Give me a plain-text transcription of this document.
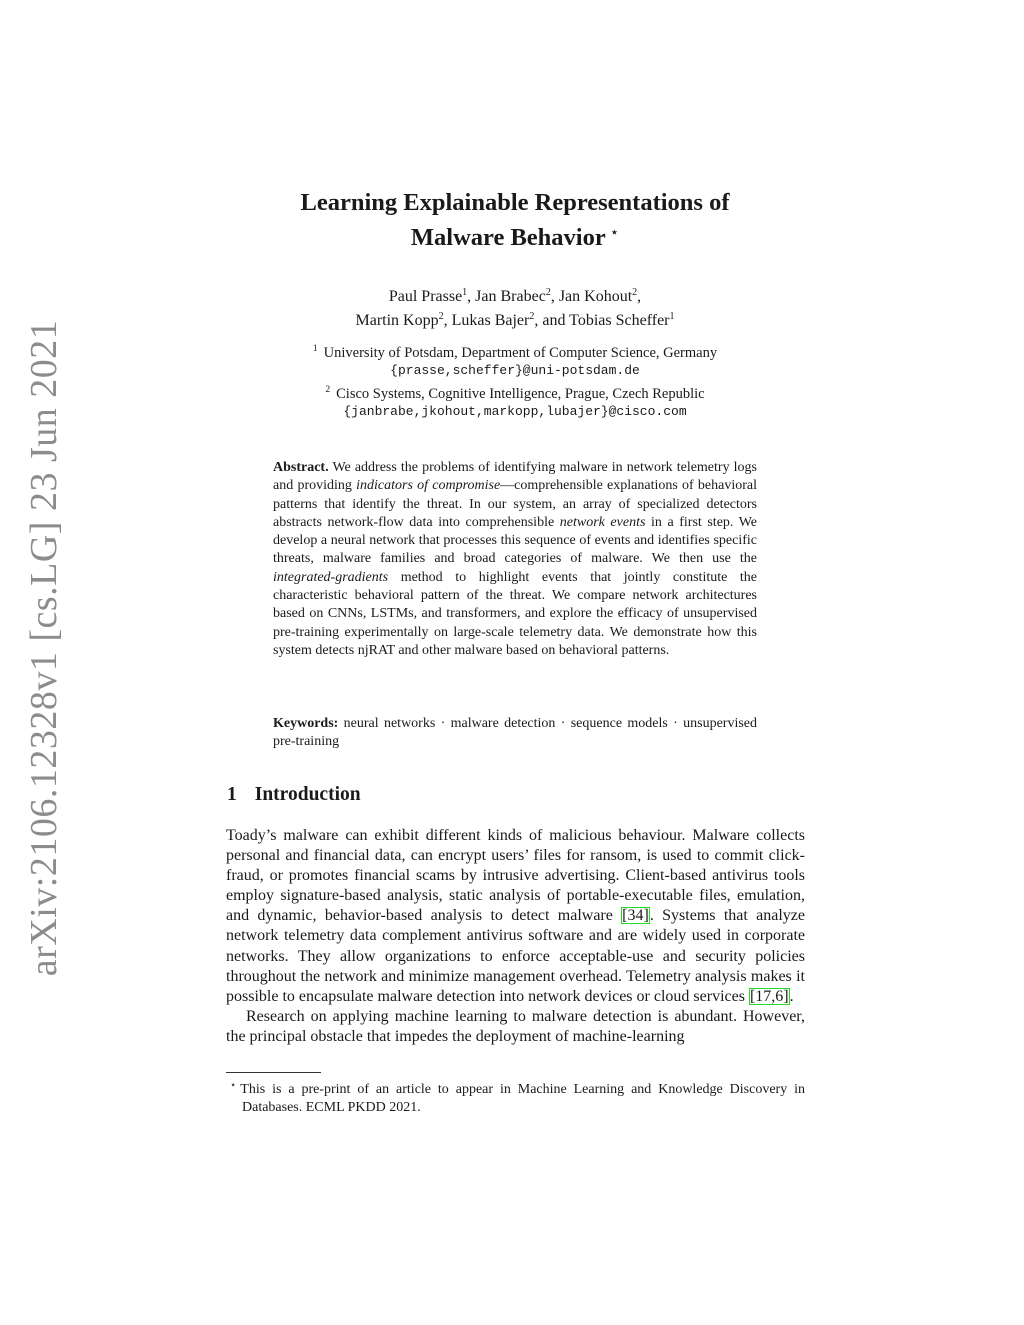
arXiv:2106.12328v1 [cs.LG] 23 Jun 2021
Learning Explainable Representations of
Malware Behavior ⋆
Paul Prasse$^1$, Jan Brabec$^2$, Jan Kohout$^2$,
Martin Kopp$^2$, Lukas Bajer$^2$, and Tobias Scheffer$^1$
$^1$ University of Potsdam, Department of Computer Science, Germany
{prasse,scheffer}@uni-potsdam.de
$^2$ Cisco Systems, Cognitive Intelligence, Prague, Czech Republic
{janbrabe,jkohout,markopp,lubajer}@cisco.com
Abstract. We address the problems of identifying malware in network telemetry logs and providing indicators of compromise—comprehensible explanations of behavioral patterns that identify the threat. In our system, an array of specialized detectors abstracts network-flow data into comprehensible network events in a first step. We develop a neural network that processes this sequence of events and identifies specific threats, malware families and broad categories of malware. We then use the integrated-gradients method to highlight events that jointly constitute the characteristic behavioral pattern of the threat. We compare network architectures based on CNNs, LSTMs, and transformers, and explore the efficacy of unsupervised pre-training experimentally on large-scale telemetry data. We demonstrate how this system detects njRAT and other malware based on behavioral patterns.
Keywords: neural networks · malware detection · sequence models · unsupervised pre-training
1 Introduction

Toady’s malware can exhibit different kinds of malicious behaviour. Malware collects personal and financial data, can encrypt users’ files for ransom, is used to commit click-fraud, or promotes financial scams by intrusive advertising. Client-based antivirus tools employ signature-based analysis, static analysis of portable-executable files, emulation, and dynamic, behavior-based analysis to detect malware [34]. Systems that analyze network telemetry data complement antivirus software and are widely used in corporate networks. They allow organizations to enforce acceptable-use and security policies throughout the network and minimize management overhead. Telemetry analysis makes it possible to encapsulate malware detection into network devices or cloud services [17,6].

Research on applying machine learning to malware detection is abundant. However, the principal obstacle that impedes the deployment of machine-learning

⋆ This is a pre-print of an article to appear in Machine Learning and Knowledge Discovery in Databases. ECML PKDD 2021.
